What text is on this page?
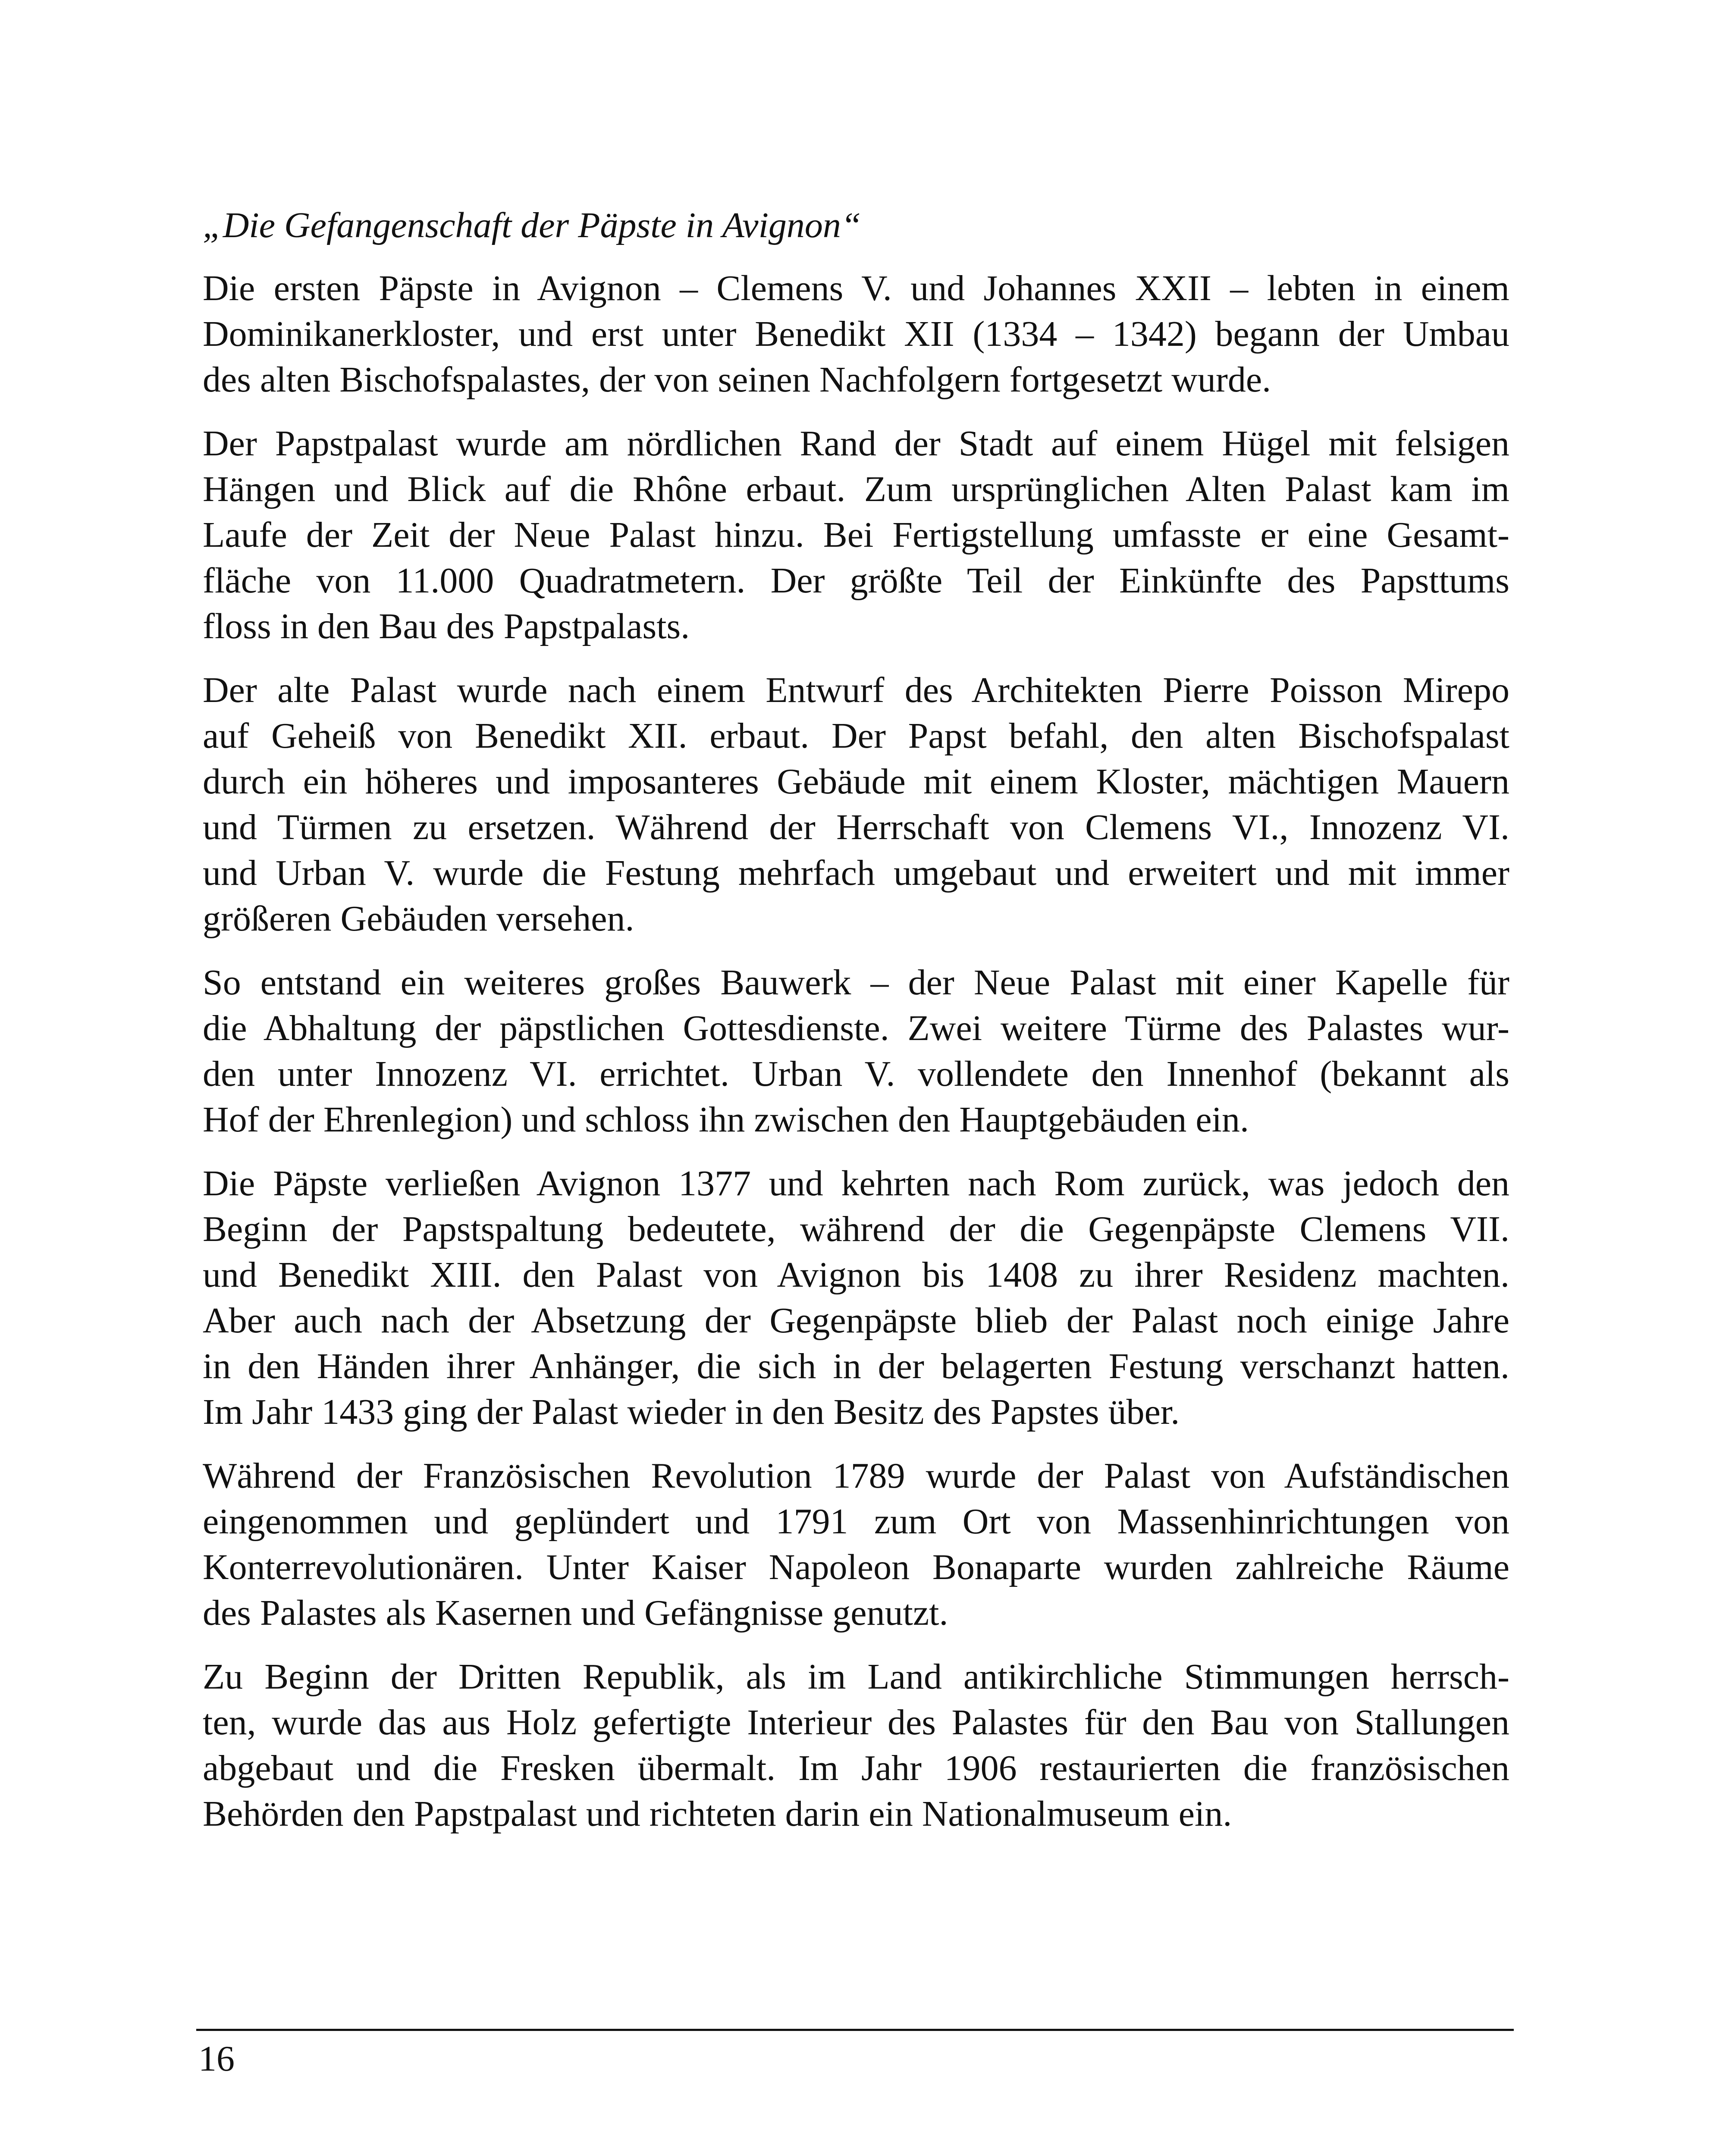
„Die Gefangenschaft der Päpste in Avignon“

Die ersten Päpste in Avignon – Clemens V. und Johannes XXII – lebten in einem
Dominikanerkloster, und erst unter Benedikt XII (1334 – 1342) begann der Umbau
des alten Bischofspalastes, der von seinen Nachfolgern fortgesetzt wurde.

Der Papstpalast wurde am nördlichen Rand der Stadt auf einem Hügel mit felsigen
Hängen und Blick auf die Rhône erbaut. Zum ursprünglichen Alten Palast kam im
Laufe der Zeit der Neue Palast hinzu. Bei Fertigstellung umfasste er eine Gesamt-
fläche von 11.000 Quadratmetern. Der größte Teil der Einkünfte des Papsttums
floss in den Bau des Papstpalasts.

Der alte Palast wurde nach einem Entwurf des Architekten Pierre Poisson Mirepo
auf Geheiß von Benedikt XII. erbaut. Der Papst befahl, den alten Bischofspalast
durch ein höheres und imposanteres Gebäude mit einem Kloster, mächtigen Mauern
und Türmen zu ersetzen. Während der Herrschaft von Clemens VI., Innozenz VI.
und Urban V. wurde die Festung mehrfach umgebaut und erweitert und mit immer
größeren Gebäuden versehen.

So entstand ein weiteres großes Bauwerk – der Neue Palast mit einer Kapelle für
die Abhaltung der päpstlichen Gottesdienste. Zwei weitere Türme des Palastes wur-
den unter Innozenz VI. errichtet. Urban V. vollendete den Innenhof (bekannt als
Hof der Ehrenlegion) und schloss ihn zwischen den Hauptgebäuden ein.

Die Päpste verließen Avignon 1377 und kehrten nach Rom zurück, was jedoch den
Beginn der Papstspaltung bedeutete, während der die Gegenpäpste Clemens VII.
und Benedikt XIII. den Palast von Avignon bis 1408 zu ihrer Residenz machten.
Aber auch nach der Absetzung der Gegenpäpste blieb der Palast noch einige Jahre
in den Händen ihrer Anhänger, die sich in der belagerten Festung verschanzt hatten.
Im Jahr 1433 ging der Palast wieder in den Besitz des Papstes über.

Während der Französischen Revolution 1789 wurde der Palast von Aufständischen
eingenommen und geplündert und 1791 zum Ort von Massenhinrichtungen von
Konterrevolutionären. Unter Kaiser Napoleon Bonaparte wurden zahlreiche Räume
des Palastes als Kasernen und Gefängnisse genutzt.

Zu Beginn der Dritten Republik, als im Land antikirchliche Stimmungen herrsch-
ten, wurde das aus Holz gefertigte Interieur des Palastes für den Bau von Stallungen
abgebaut und die Fresken übermalt. Im Jahr 1906 restaurierten die französischen
Behörden den Papstpalast und richteten darin ein Nationalmuseum ein.

16
